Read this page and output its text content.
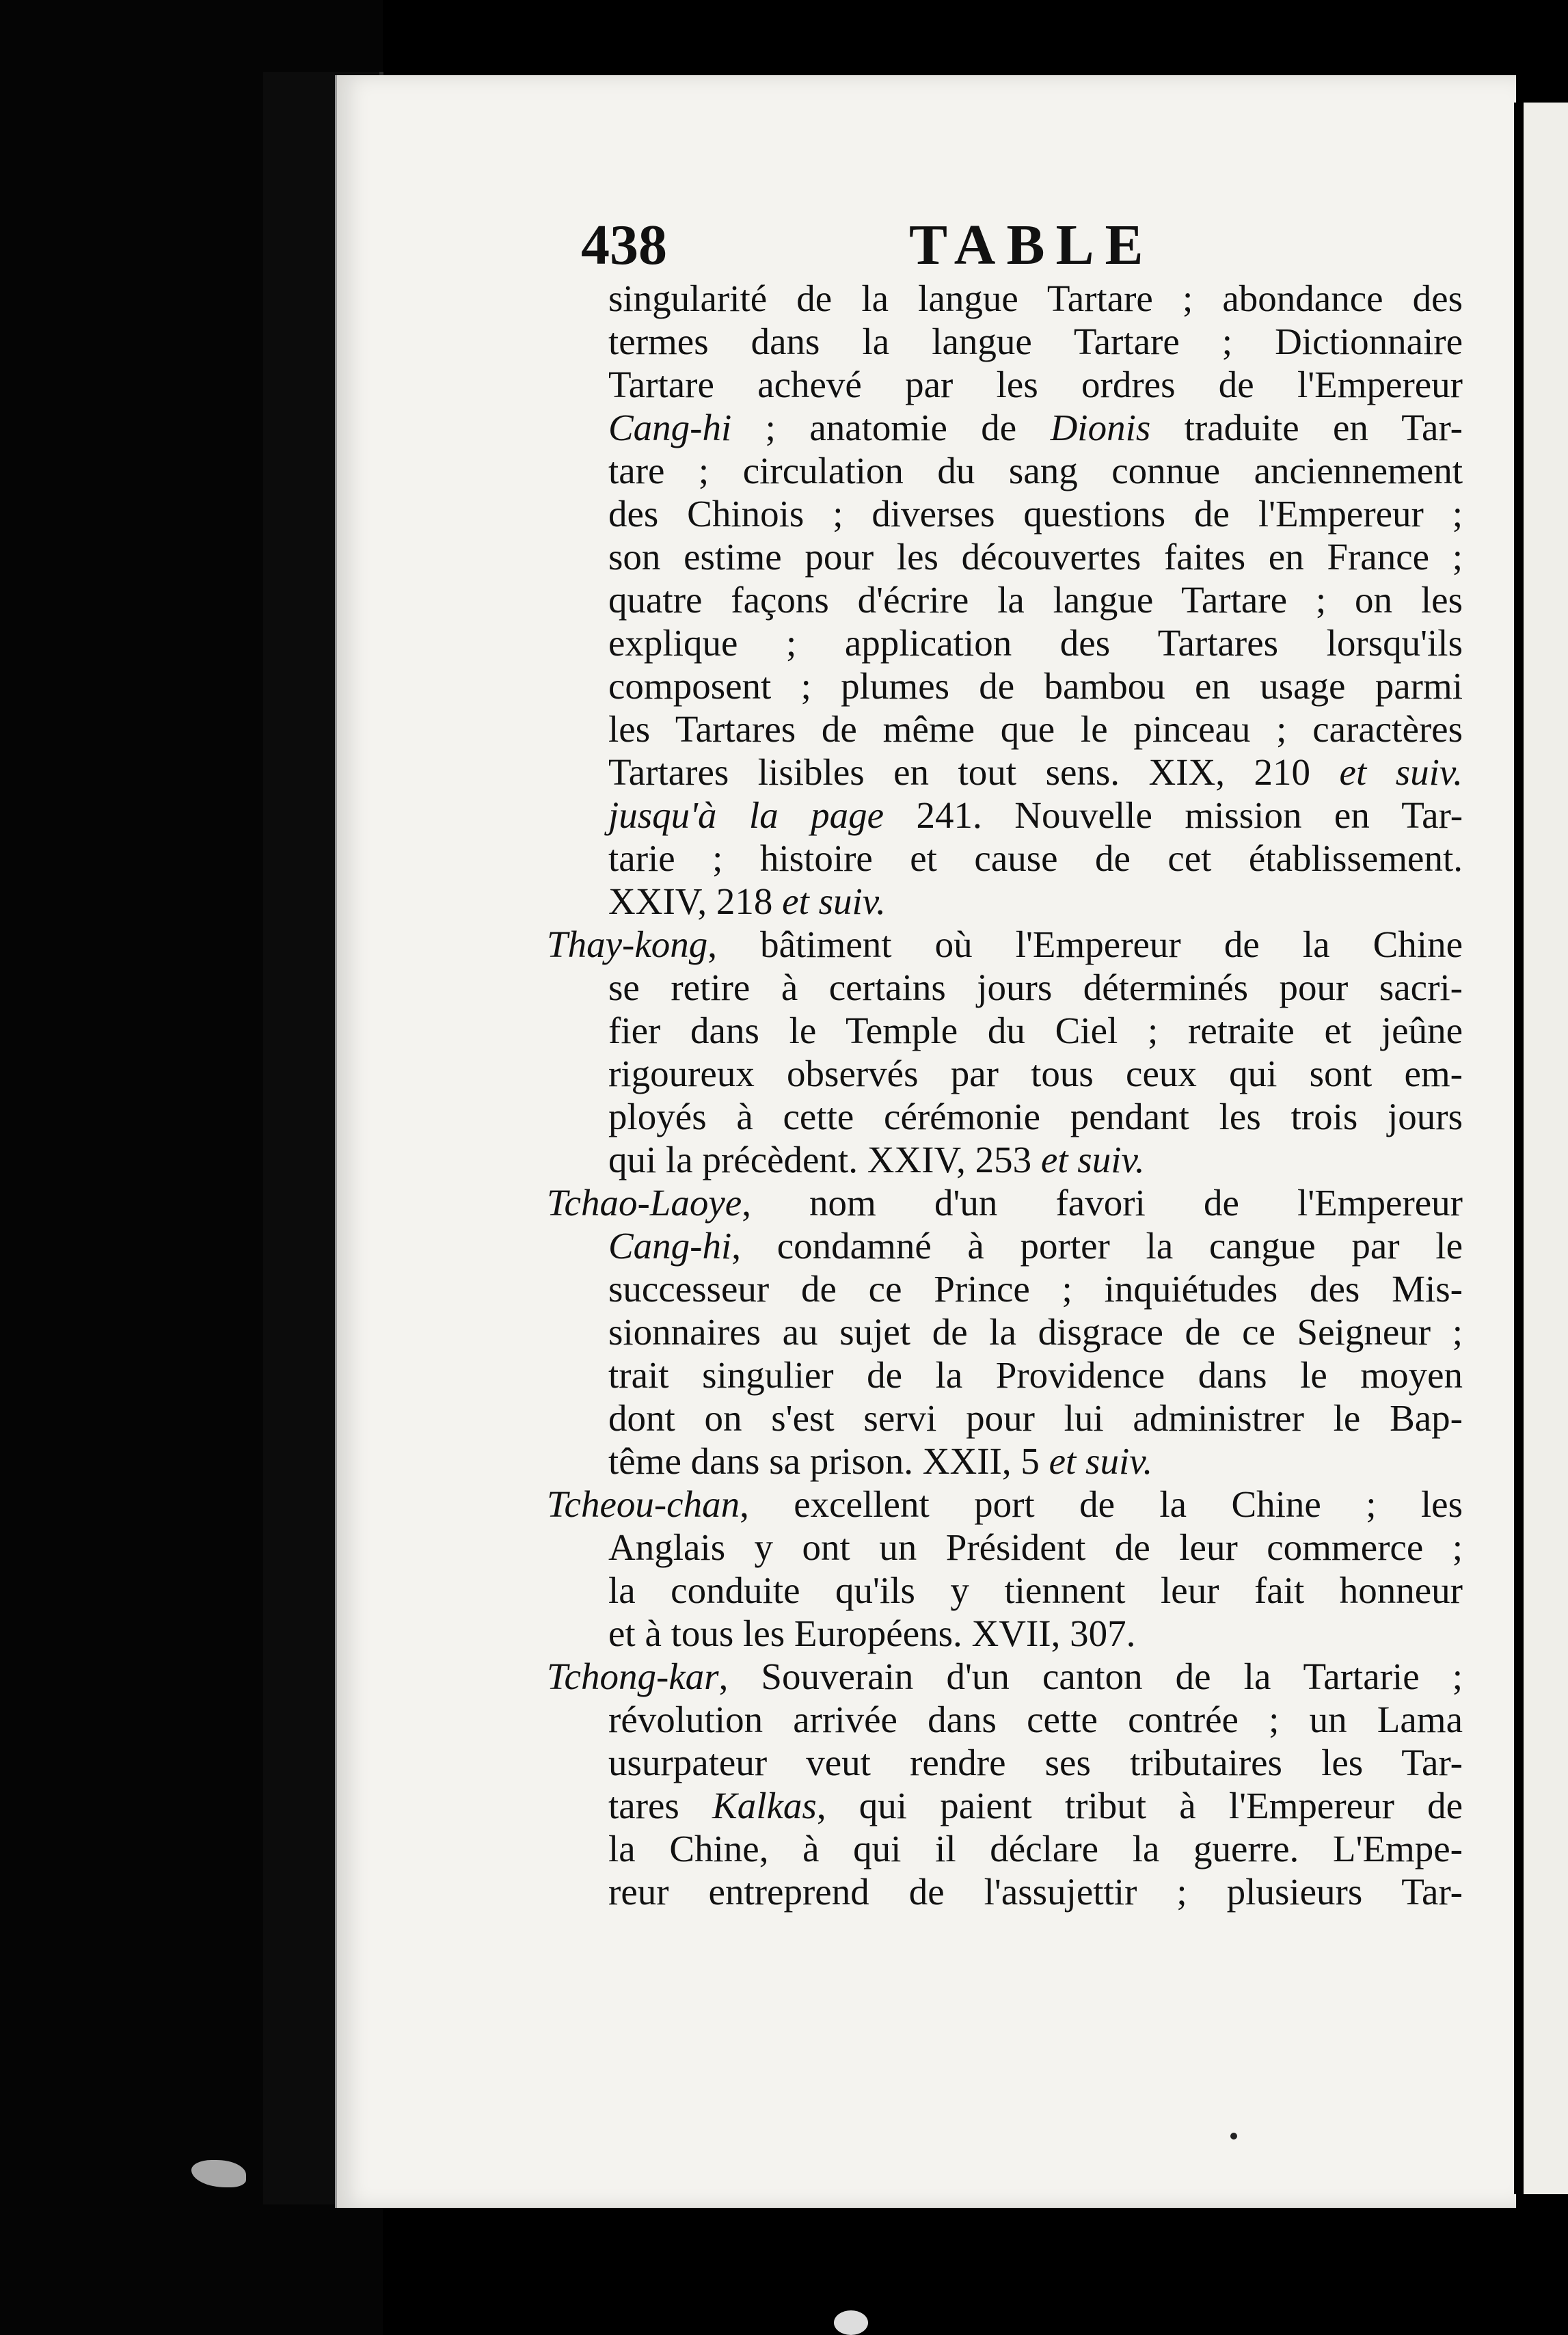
438	TABLE
singularité de la langue Tartare ; abondance des
termes dans la langue Tartare ; Dictionnaire
Tartare achevé par les ordres de l'Empereur
Cang-hi ; anatomie de Dionis traduite en Tar-
tare ; circulation du sang connue anciennement
des Chinois ; diverses questions de l'Empereur ;
son estime pour les découvertes faites en France ;
quatre façons d'écrire la langue Tartare ; on les
explique ; application des Tartares lorsqu'ils
composent ; plumes de bambou en usage parmi
les Tartares de même que le pinceau ; caractères
Tartares lisibles en tout sens. XIX, 210 et suiv.
jusqu'à la page 241. Nouvelle mission en Tar-
tarie ; histoire et cause de cet établissement.
XXIV, 218 et suiv.
Thay-kong, bâtiment où l'Empereur de la Chine
se retire à certains jours déterminés pour sacri-
fier dans le Temple du Ciel ; retraite et jeûne
rigoureux observés par tous ceux qui sont em-
ployés à cette cérémonie pendant les trois jours
qui la précèdent. XXIV, 253 et suiv.
Tchao-Laoye, nom d'un favori de l'Empereur
Cang-hi, condamné à porter la cangue par le
successeur de ce Prince ; inquiétudes des Mis-
sionnaires au sujet de la disgrace de ce Seigneur ;
trait singulier de la Providence dans le moyen
dont on s'est servi pour lui administrer le Bap-
tême dans sa prison. XXII, 5 et suiv.
Tcheou-chan, excellent port de la Chine ; les
Anglais y ont un Président de leur commerce ;
la conduite qu'ils y tiennent leur fait honneur
et à tous les Européens. XVII, 307.
Tchong-kar, Souverain d'un canton de la Tartarie ;
révolution arrivée dans cette contrée ; un Lama
usurpateur veut rendre ses tributaires les Tar-
tares Kalkas, qui paient tribut à l'Empereur de
la Chine, à qui il déclare la guerre. L'Empe-
reur entreprend de l'assujettir ; plusieurs Tar-
